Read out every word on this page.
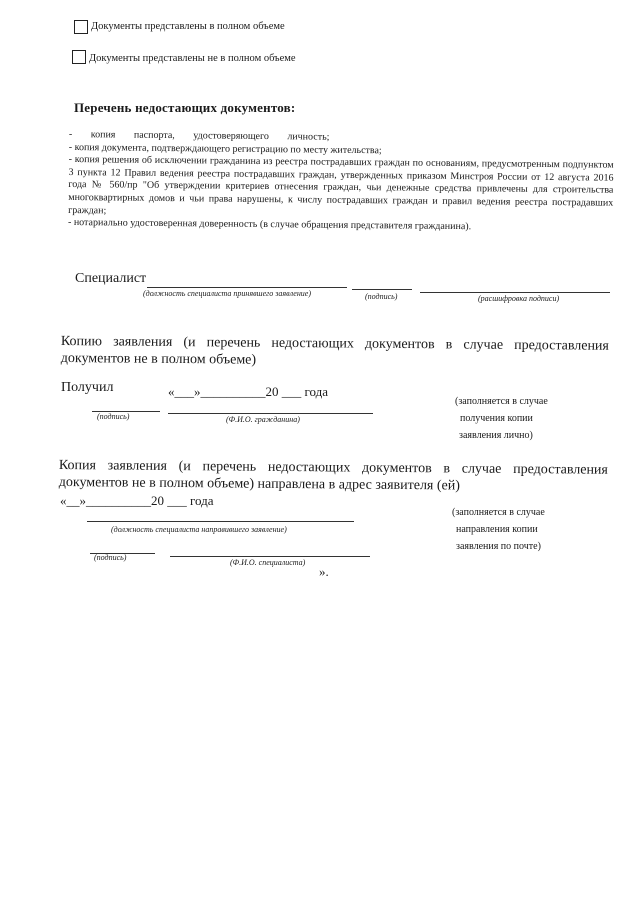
Документы представлены в полном объеме
Документы представлены не в полном объеме
Перечень недостающих документов:

- копия паспорта, удостоверяющего личность;

- копия документа, подтверждающего регистрацию по месту жительства;

- копия решения об исключении гражданина из реестра пострадавших граждан по основаниям, предусмотренным подпунктом 3 пункта 12 Правил ведения реестра пострадавших граждан, утвержденных приказом Минстроя России от 12 августа 2016 года № 560/пр "Об утверждении критериев отнесения граждан, чьи денежные средства привлечены для строительства многоквартирных домов и чьи права нарушены, к числу пострадавших граждан и правил ведения реестра пострадавших граждан;

- нотариально удостоверенная доверенность (в случае обращения представителя гражданина).

Специалист
(должность специалиста принявшего заявление)	(подпись)	(расшифровка подписи)
Копию заявления (и перечень недостающих документов в случае предоставления документов не в полном объеме)
Получил	«___»__________20 ___ года
(подпись)	(Ф.И.О. гражданина)
(заполняется в случае
получения копии
заявления лично)
Копия заявления (и перечень недостающих документов в случае предоставления документов не в полном объеме) направлена в адрес заявителя (ей)
«__»__________20 ___ года
(должность специалиста направившего заявление)
(подпись)
(Ф.И.О. специалиста)
».
(заполняется в случае
направления копии
заявления по почте)
